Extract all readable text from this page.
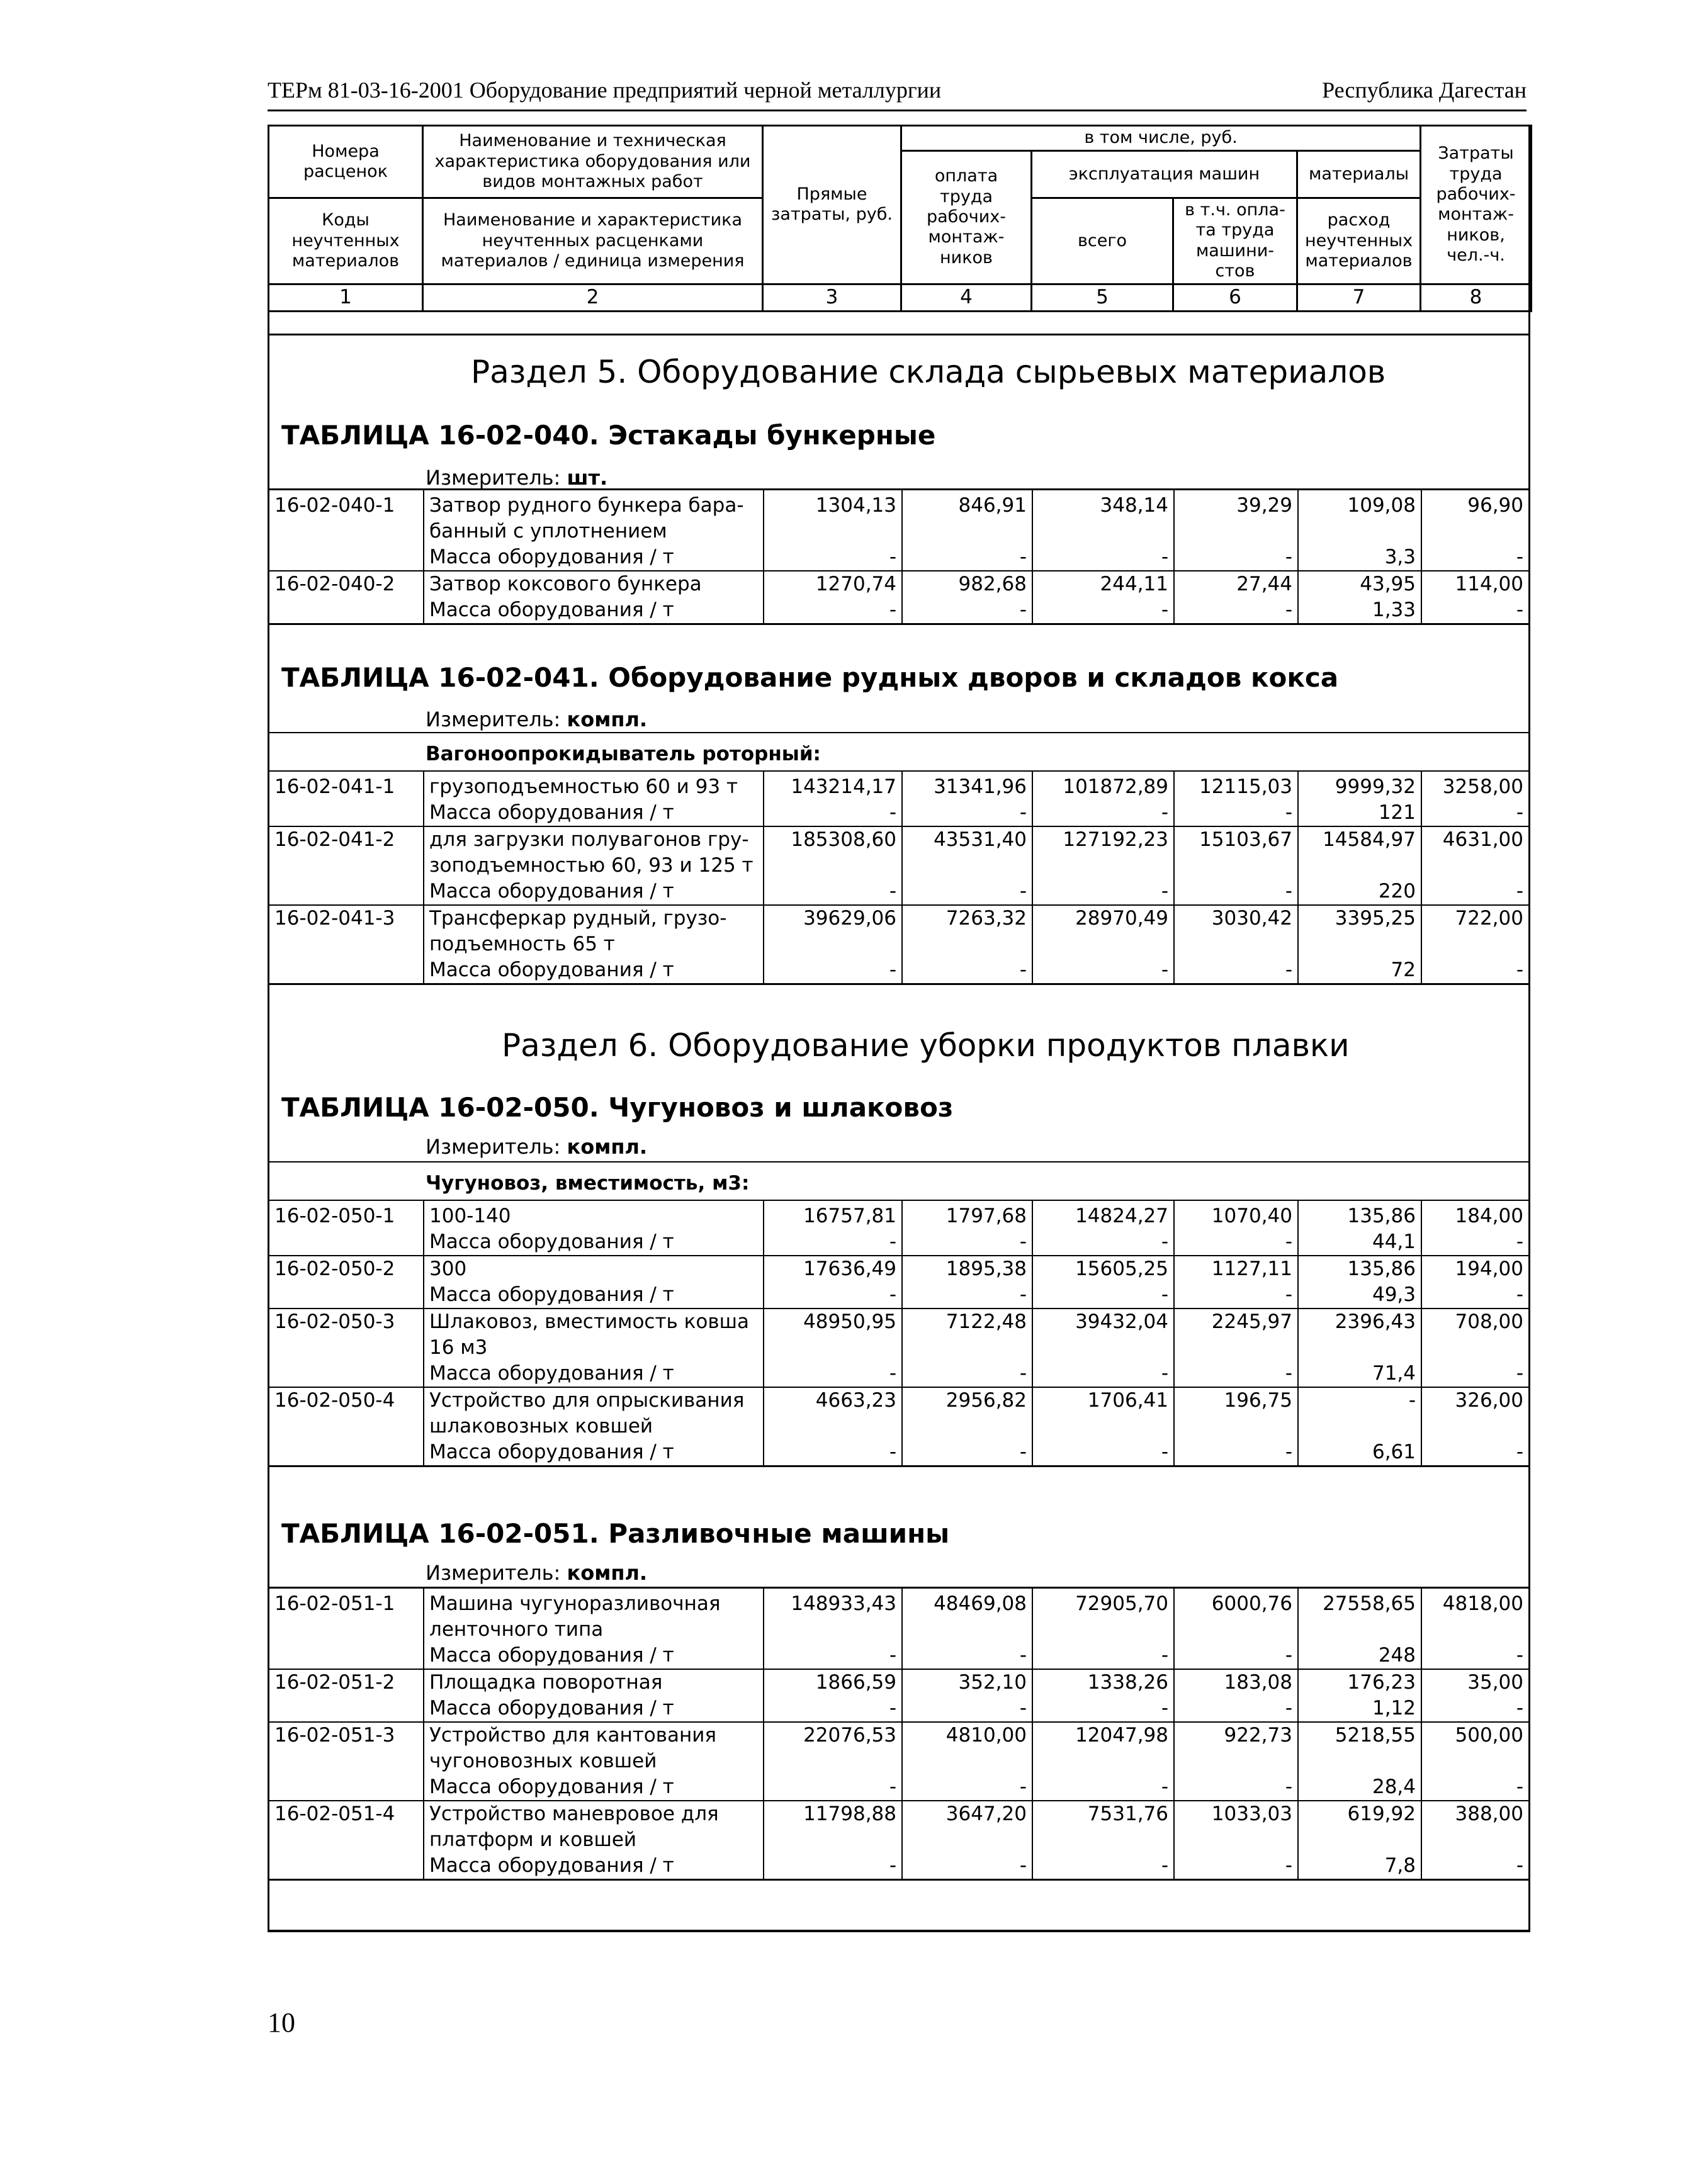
ТЕРм 81-03-16-2001 Оборудование предприятий черной металлургии	Республика Дагестан
Номера расценок	Наименование и техническая характеристика оборудования или видов монтажных работ	Прямые затраты, руб.	в том числе, руб.				Затраты труда рабочих-монтаж-ников, чел.-ч.
			оплата труда рабочих-монтаж-ников	эксплуатация машин		материалы	

Коды неучтенных материалов	Наименование и характеристика неучтенных расценками материалов / единица измерения			всего	в т.ч. опла-та труда машини-стов	расход неучтенных материалов	

1	2	3	4	5	6	7	8
Раздел 5. Оборудование склада сырьевых материалов
ТАБЛИЦА 16-02-040. Эстакады бункерные
Измеритель: шт.
16-02-040-1	Затвор рудного бункера бара-банный с уплотнением	1304,13	846,91	348,14	39,29	109,08	96,90
	Масса оборудования / т	-	-	-	-	3,3	-
16-02-040-2	Затвор коксового бункера	1270,74	982,68	244,11	27,44	43,95	114,00
	Масса оборудования / т	-	-	-	-	1,33	-
ТАБЛИЦА 16-02-041. Оборудование рудных дворов и складов кокса
Измеритель: компл.
Вагоноопрокидыватель роторный:
16-02-041-1	грузоподъемностью 60 и 93 т	143214,17	31341,96	101872,89	12115,03	9999,32	3258,00
	Масса оборудования / т	-	-	-	-	121	-
16-02-041-2	для загрузки полувагонов гру-зоподъемностью 60, 93 и 125 т	185308,60	43531,40	127192,23	15103,67	14584,97	4631,00
	Масса оборудования / т	-	-	-	-	220	-
16-02-041-3	Трансферкар рудный, грузо-подъемность 65 т	39629,06	7263,32	28970,49	3030,42	3395,25	722,00
	Масса оборудования / т	-	-	-	-	72	-
Раздел 6. Оборудование уборки продуктов плавки
ТАБЛИЦА 16-02-050. Чугуновоз и шлаковоз
Измеритель: компл.
Чугуновоз, вместимость, м3:
16-02-050-1	100-140	16757,81	1797,68	14824,27	1070,40	135,86	184,00
	Масса оборудования / т	-	-	-	-	44,1	-
16-02-050-2	300	17636,49	1895,38	15605,25	1127,11	135,86	194,00
	Масса оборудования / т	-	-	-	-	49,3	-
16-02-050-3	Шлаковоз, вместимость ковша 16 м3	48950,95	7122,48	39432,04	2245,97	2396,43	708,00
	Масса оборудования / т	-	-	-	-	71,4	-
16-02-050-4	Устройство для опрыскивания шлаковозных ковшей	4663,23	2956,82	1706,41	196,75	-	326,00
	Масса оборудования / т	-	-	-	-	6,61	-
ТАБЛИЦА 16-02-051. Разливочные машины
Измеритель: компл.
16-02-051-1	Машина чугуноразливочная ленточного типа	148933,43	48469,08	72905,70	6000,76	27558,65	4818,00
	Масса оборудования / т	-	-	-	-	248	-
16-02-051-2	Площадка поворотная	1866,59	352,10	1338,26	183,08	176,23	35,00
	Масса оборудования / т	-	-	-	-	1,12	-
16-02-051-3	Устройство для кантования чугоновозных ковшей	22076,53	4810,00	12047,98	922,73	5218,55	500,00
	Масса оборудования / т	-	-	-	-	28,4	-
16-02-051-4	Устройство маневровое для платформ и ковшей	11798,88	3647,20	7531,76	1033,03	619,92	388,00
	Масса оборудования / т	-	-	-	-	7,8	-
10
